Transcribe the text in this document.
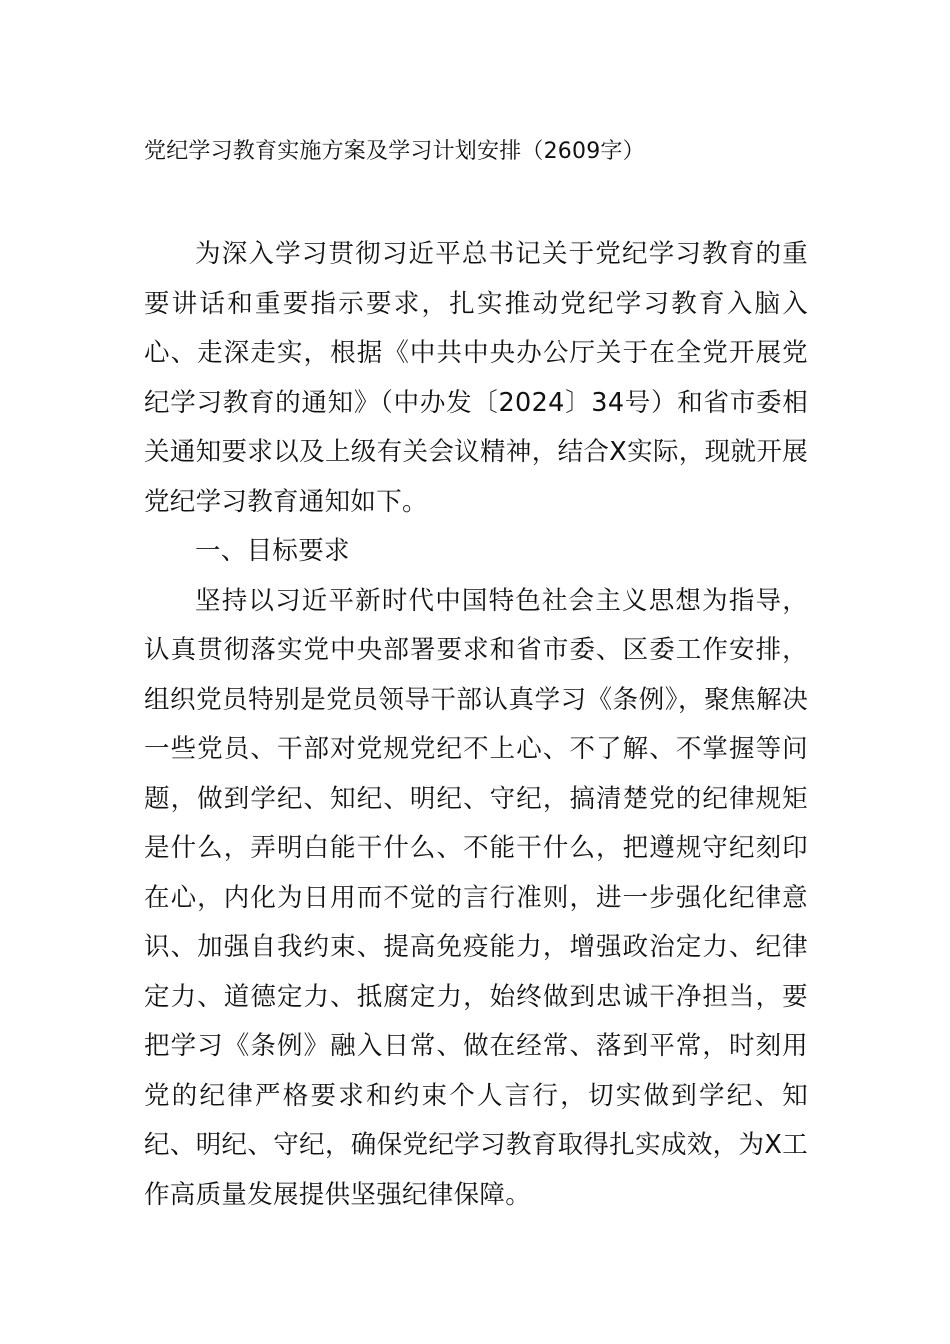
党纪学习教育实施方案及学习计划安排（2609字）

为深入学习贯彻习近平总书记关于党纪学习教育的重要讲话和重要指示要求，扎实推动党纪学习教育入脑入心、走深走实，根据《中共中央办公厅关于在全党开展党纪学习教育的通知》（中办发〔2024〕34号）和省市委相关通知要求以及上级有关会议精神，结合X实际，现就开展党纪学习教育通知如下。

一、目标要求

坚持以习近平新时代中国特色社会主义思想为指导，认真贯彻落实党中央部署要求和省市委、区委工作安排，组织党员特别是党员领导干部认真学习《条例》，聚焦解决一些党员、干部对党规党纪不上心、不了解、不掌握等问题，做到学纪、知纪、明纪、守纪，搞清楚党的纪律规矩是什么，弄明白能干什么、不能干什么，把遵规守纪刻印在心，内化为日用而不觉的言行准则，进一步强化纪律意识、加强自我约束、提高免疫能力，增强政治定力、纪律定力、道德定力、抵腐定力，始终做到忠诚干净担当，要把学习《条例》融入日常、做在经常、落到平常，时刻用党的纪律严格要求和约束个人言行，切实做到学纪、知纪、明纪、守纪，确保党纪学习教育取得扎实成效，为X工作高质量发展提供坚强纪律保障。
